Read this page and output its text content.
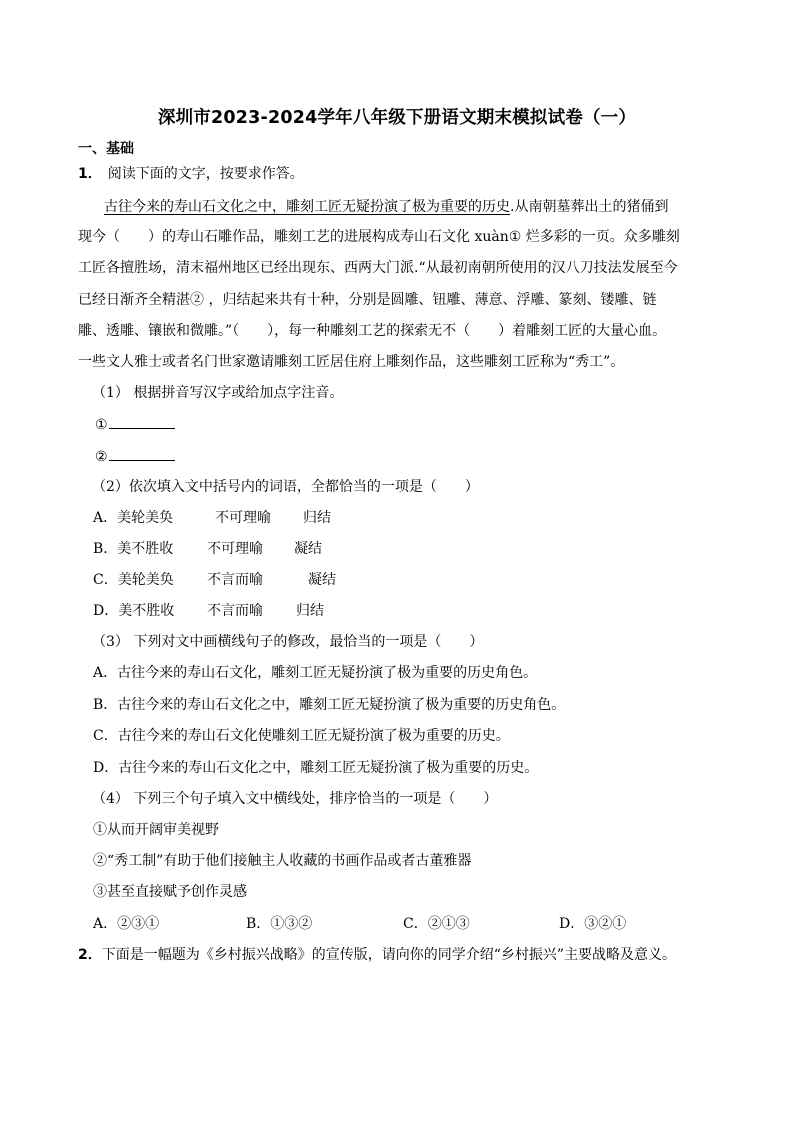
深圳市2023-2024学年八年级下册语文期末模拟试卷（一）
一、基础
1． 阅读下面的文字，按要求作答。
古往今来的寿山石文化之中，雕刻工匠无疑扮演了极为重要的历史.从南朝墓葬出土的猪俑到
现今（　　）的寿山石雕作品，雕刻工艺的进展构成寿山石文化 xuàn① 烂多彩的一页。众多雕刻
工匠各擅胜场，清末福州地区已经出现东、西两大门派.“从最初南朝所使用的汉八刀技法发展至今
已经日渐齐全精湛② ，归结起来共有十种，分别是圆雕、钮雕、薄意、浮雕、篆刻、镂雕、链
雕、透雕、镶嵌和微雕。”（　　），每一种雕刻工艺的探索无不（　　）着雕刻工匠的大量心血。
一些文人雅士或者名门世家邀请雕刻工匠居住府上雕刻作品，这些雕刻工匠称为“秀工”。
（1） 根据拼音写汉字或给加点字注音。
①
②
（2）依次填入文中括号内的词语，全都恰当的一项是（　　）
A．美轮美奂	不可理喻 归结
B．美不胜收 不可理喻 凝结
C．美轮美奂 不言而喻	凝结
D．美不胜收 不言而喻 归结
（3） 下列对文中画横线句子的修改，最恰当的一项是（　　）
A．古往今来的寿山石文化，雕刻工匠无疑扮演了极为重要的历史角色。
B．古往今来的寿山石文化之中，雕刻工匠无疑扮演了极为重要的历史角色。
C．古往今来的寿山石文化使雕刻工匠无疑扮演了极为重要的历史。
D．古往今来的寿山石文化之中，雕刻工匠无疑扮演了极为重要的历史。
（4） 下列三个句子填入文中横线处，排序恰当的一项是（　　）
①从而开阔审美视野
②“秀工制”有助于他们接触主人收藏的书画作品或者古董雅器
③甚至直接赋予创作灵感
A．②③①	B．①③②	C．②①③	D．③②①
2．下面是一幅题为《乡村振兴战略》的宣传版，请向你的同学介绍“乡村振兴”主要战略及意义。
